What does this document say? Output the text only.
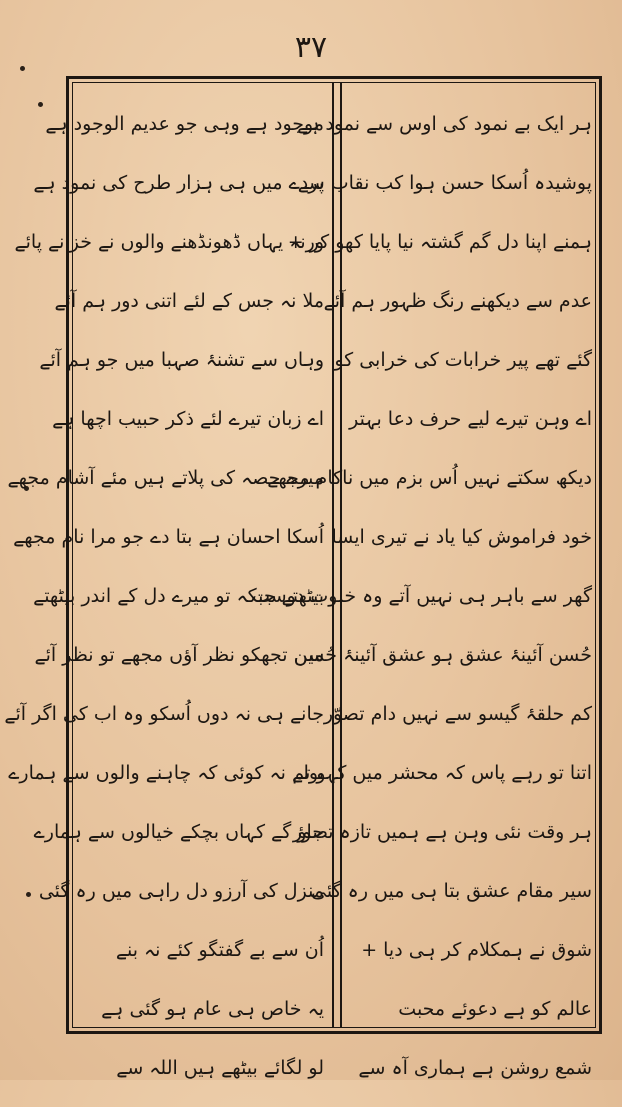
۳۷
ہر ایک بے نمود کی اوس سے نمود ہے
پوشیدہ اُسکا حسن ہوا کب نقاب سے
ہمنے اپنا دل گم گشتہ نیا پایا کھو کر +
عدم سے دیکھنے رنگ ظہور ہم آئے
گئے تھے پیر خرابات کی خرابی کو
اے وہن تیرے لیے حرف دعا بہتر
دیکھ سکتے نہیں اُس بزم میں ناکام مجھے
خود فراموش کیا یاد نے تیری ایسا
گھر سے باہر ہی نہیں آتے وہ خلوت دوست
حُسن آئینۂ عشق ہو عشق آئینۂ حُسن
کم حلقۂ گیسو سے نہیں دام تصوّر
اتنا تو رہے پاس کہ محشر میں کہو تم
ہر وقت نئی وہن ہے ہمیں تازہ تصور
سیر مقام عشق بتا ہی میں رہ گئی
شوق نے ہمکلام کر ہی دیا +
عالم کو ہے دعوئے محبت
شمع روشن ہے ہماری آہ سے
موجود ہے وہی جو عدیم الوجود ہے
پردے میں ہی ہزار طرح کی نمود ہے
ورنہ یہاں ڈھونڈھنے والوں نے خزانے پائے
ملا نہ جس کے لئے اتنی دور ہم آئے
وہاں سے تشنۂ صہبا میں جو ہم آئے
اے زبان تیرے لئے ذکر حبیب اچھا ہے
میرے حصہ کی پلاتے ہیں مئے آشام مجھے
اُسکا احسان ہے بتا دے جو مرا نام مجھے
بیٹھتے جبکہ تو میرے دل کے اندر بیٹھتے
میں تجھکو نظر آؤں مجھے تو نظر آئے
جانے ہی نہ دوں اُسکو وہ اب کی اگر آئے
بولے نہ کوئی کہ چاہنے والوں سے ہمارے
جاؤ گے کہاں بچکے خیالوں سے ہمارے
منزل کی آرزو دل راہی میں رہ گئی
اُن سے بے گفتگو کئے نہ بنے
یہ خاص ہی عام ہو گئی ہے
لو لگائے بیٹھے ہیں اللہ سے
